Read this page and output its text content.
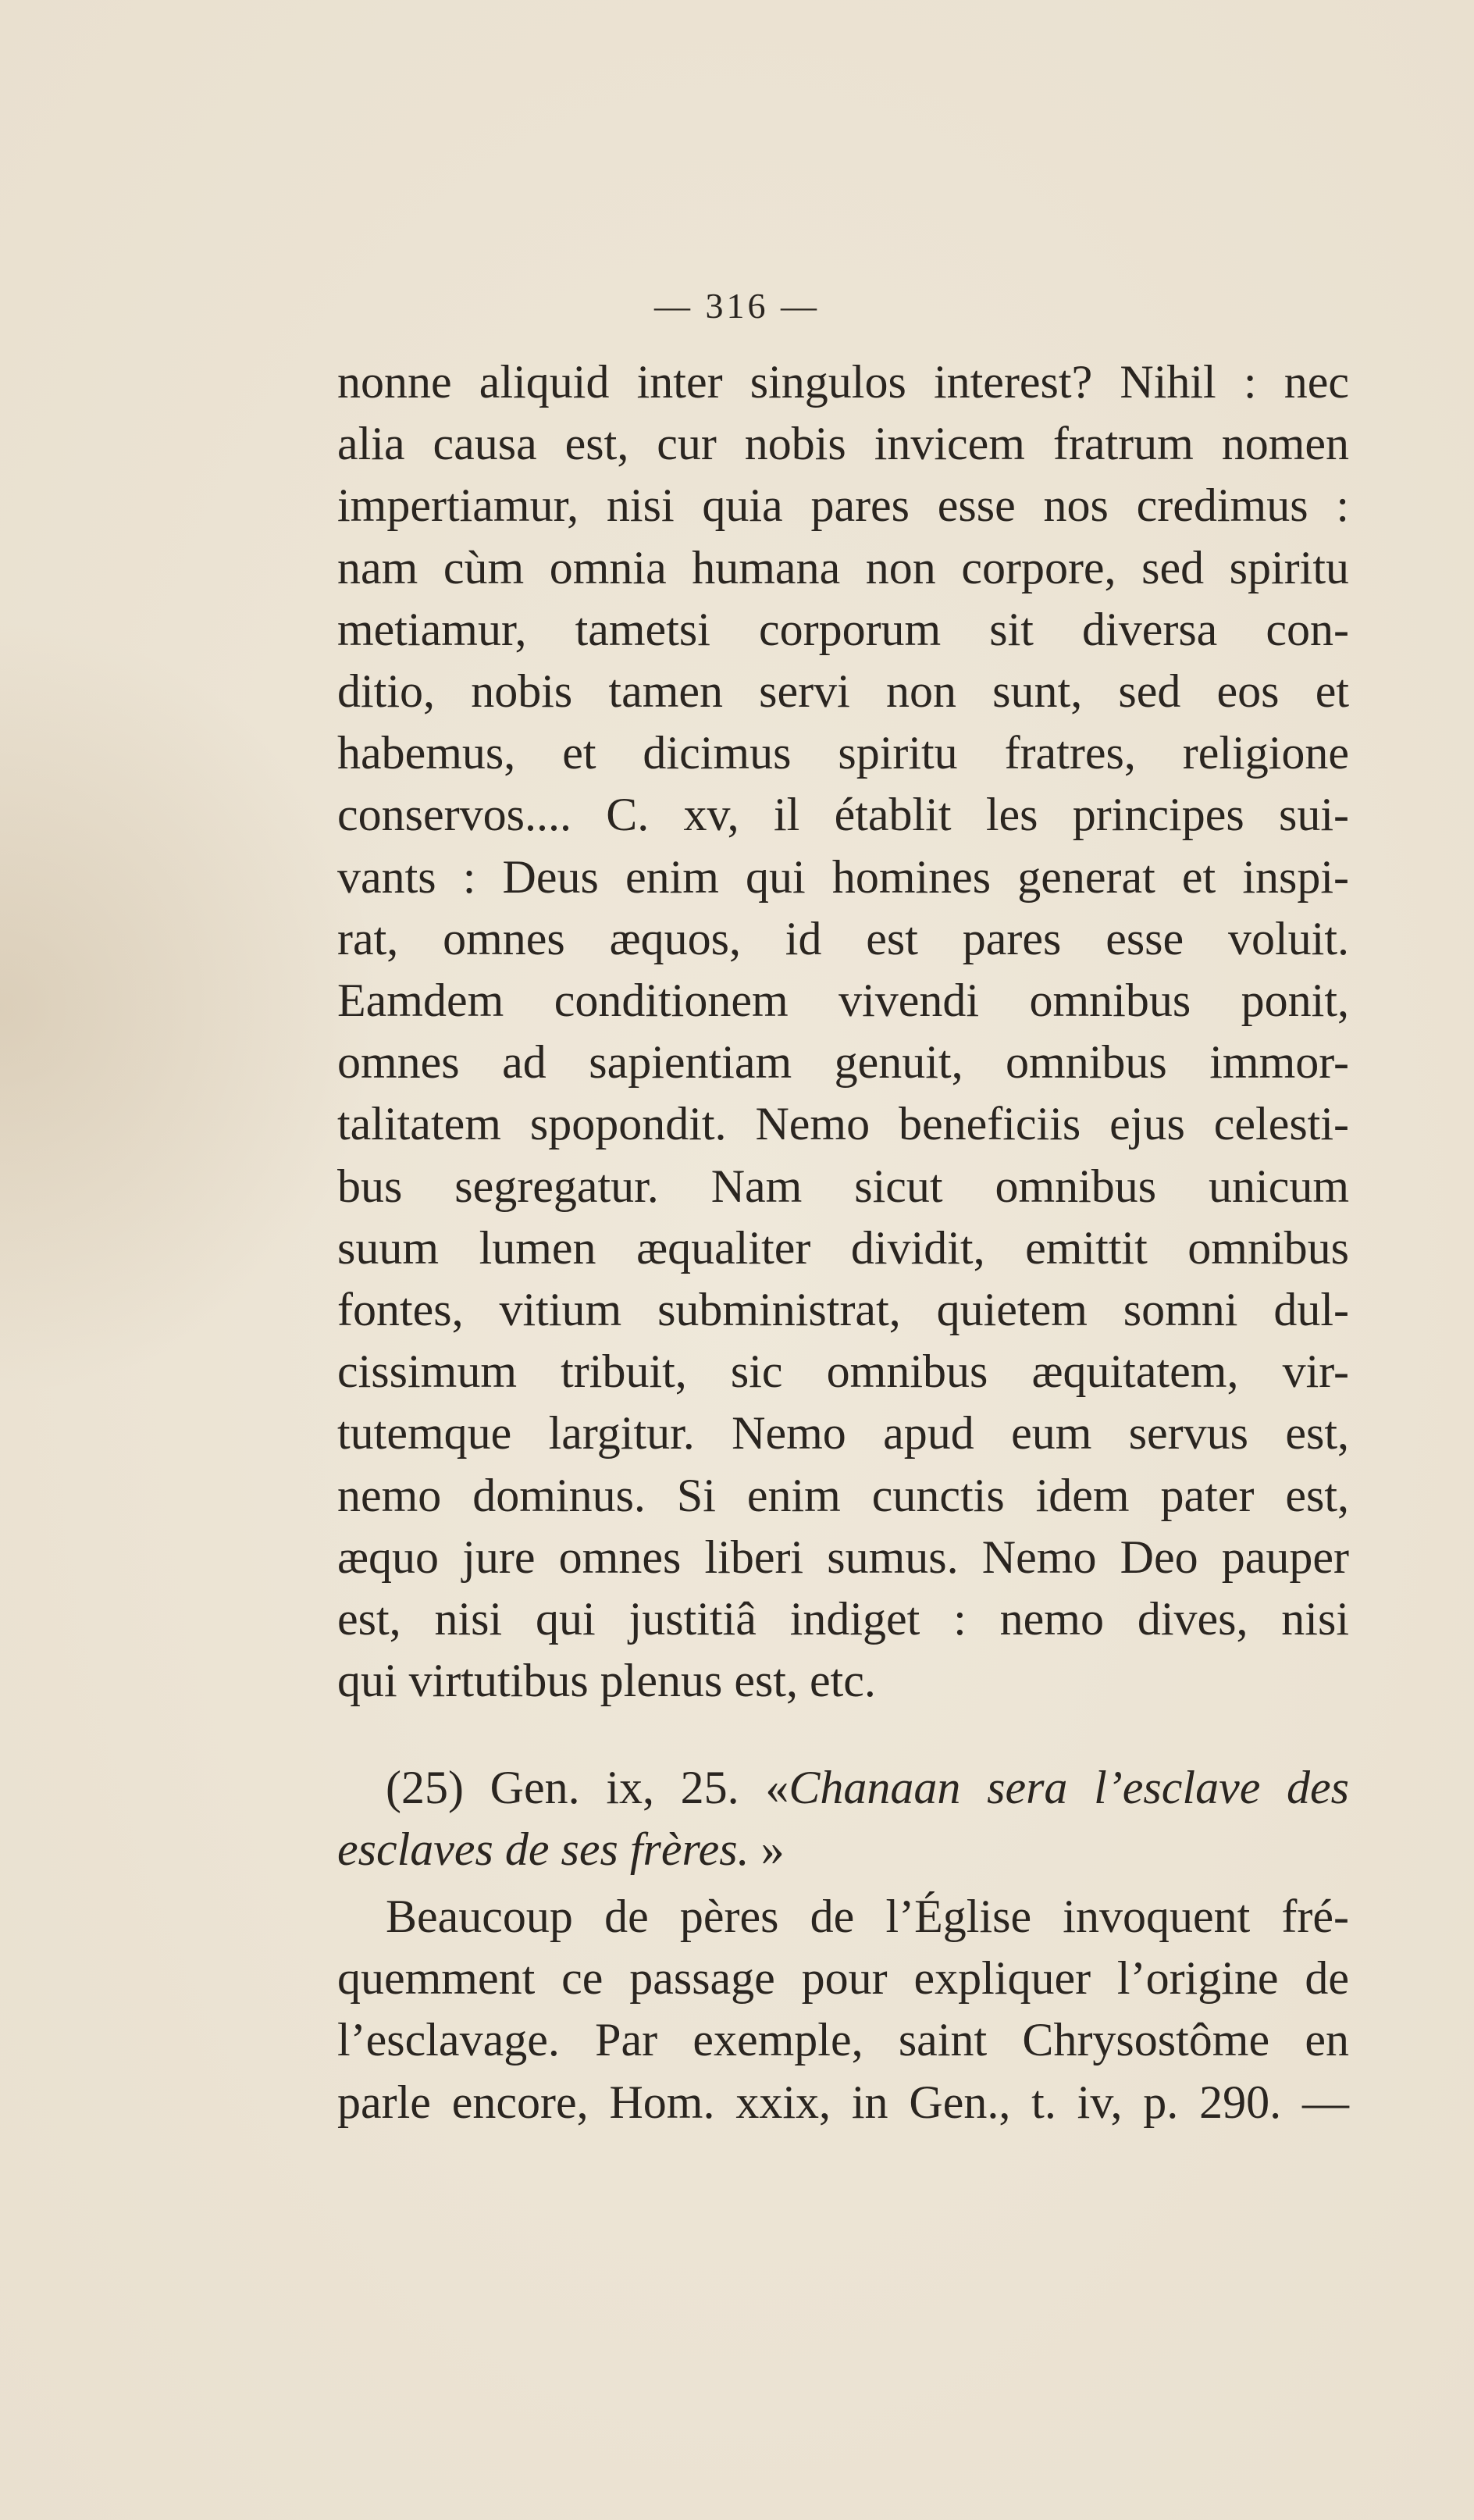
— 316 —
nonne aliquid inter singulos interest? Nihil : nec
alia causa est, cur nobis invicem fratrum nomen
impertiamur, nisi quia pares esse nos credimus :
nam cùm omnia humana non corpore, sed spiritu
metiamur, tametsi corporum sit diversa con-
ditio, nobis tamen servi non sunt, sed eos et
habemus, et dicimus spiritu fratres, religione
conservos.... C. xv, il établit les principes sui-
vants : Deus enim qui homines generat et inspi-
rat, omnes æquos, id est pares esse voluit.
Eamdem conditionem vivendi omnibus ponit,
omnes ad sapientiam genuit, omnibus immor-
talitatem spopondit. Nemo beneficiis ejus celesti-
bus segregatur. Nam sicut omnibus unicum
suum lumen æqualiter dividit, emittit omnibus
fontes, vitium subministrat, quietem somni dul-
cissimum tribuit, sic omnibus æquitatem, vir-
tutemque largitur. Nemo apud eum servus est,
nemo dominus. Si enim cunctis idem pater est,
æquo jure omnes liberi sumus. Nemo Deo pauper
est, nisi qui justitiâ indiget : nemo dives, nisi
qui virtutibus plenus est, etc.
(25) Gen. ix, 25. «Chanaan sera l’esclave des
esclaves de ses frères. »
Beaucoup de pères de l’Église invoquent fré-
quemment ce passage pour expliquer l’origine de
l’esclavage. Par exemple, saint Chrysostôme en
parle encore, Hom. xxix, in Gen., t. iv, p. 290. —
